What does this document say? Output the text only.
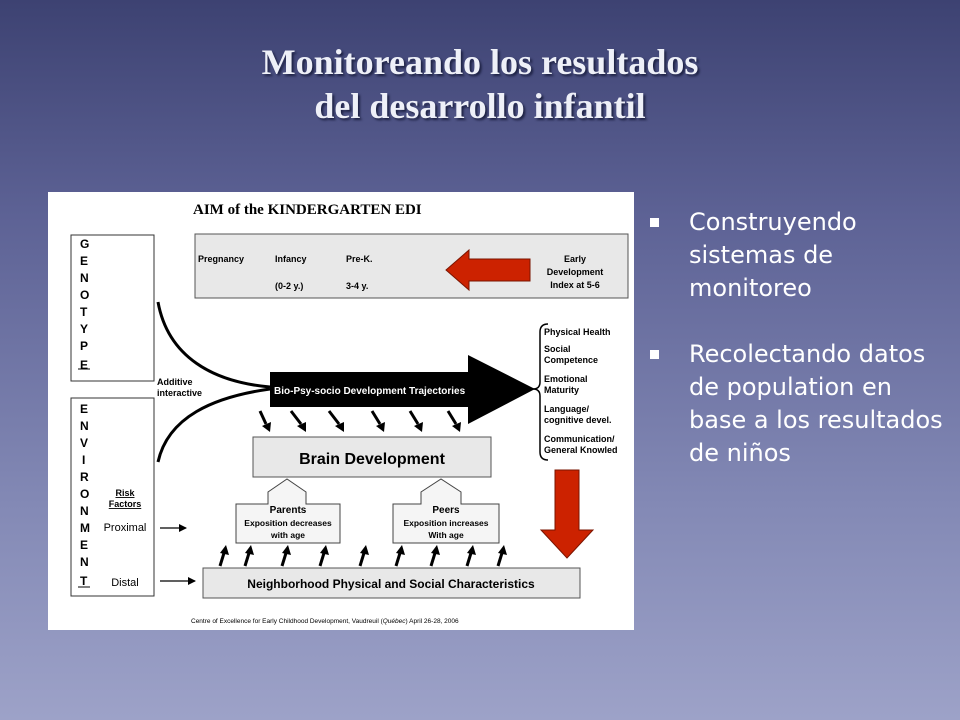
Monitoreando los resultados
del desarrollo infantil
AIM of the KINDERGARTEN EDI
G
E
N
O
T
Y
P
E
E
N
V
I
R
O
N
M
E
N
T
Risk
Factors
Proximal
Distal
Pregnancy	Infancy
(0-2 y.)
Pre-K.
3-4 y.
Early
Development
Index at 5-6
Additive
interactive	Bio-Psy-socio Development Trajectories
Physical Health
Social
Competence
Emotional
Maturity
Language/
cognitive devel.
Communication/
General Knowled
Brain Development
Parents
Exposition decreases
with age
Peers
Exposition increases
With age
Neighborhood Physical and Social Characteristics
Centre of Excellence for Early Childhood Development, Vaudreuil (Québec) April 26-28, 2006
Construyendo sistemas de monitoreo
Recolectando datos de population en base a los resultados de niños
